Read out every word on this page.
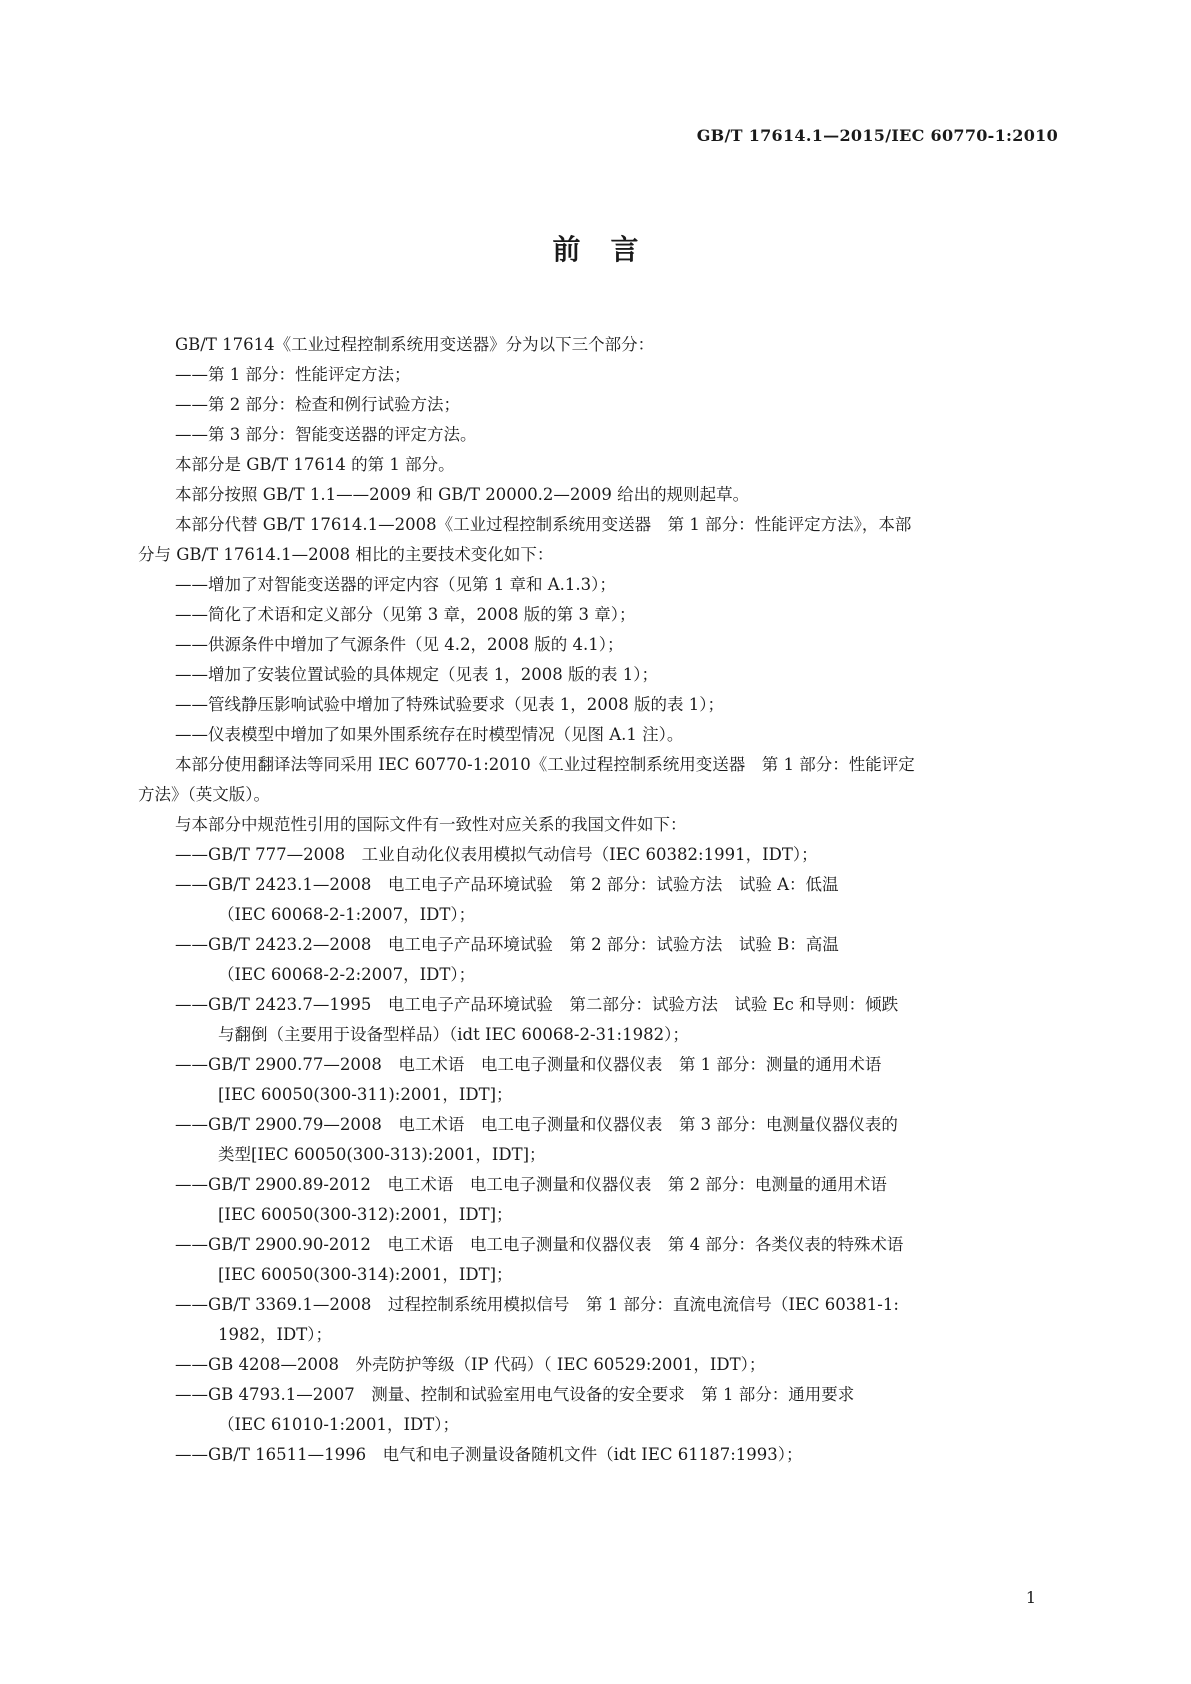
GB/T 17614.1—2015/IEC 60770-1:2010
前言

GB/T 17614《工业过程控制系统用变送器》分为以下三个部分：

——第 1 部分：性能评定方法；

——第 2 部分：检查和例行试验方法；

——第 3 部分：智能变送器的评定方法。

本部分是 GB/T 17614 的第 1 部分。

本部分按照 GB/T 1.1——2009 和 GB/T 20000.2—2009 给出的规则起草。

本部分代替 GB/T 17614.1—2008《工业过程控制系统用变送器　第 1 部分：性能评定方法》，本部

分与 GB/T 17614.1—2008 相比的主要技术变化如下：

——增加了对智能变送器的评定内容（见第 1 章和 A.1.3）；

——简化了术语和定义部分（见第 3 章，2008 版的第 3 章）；

——供源条件中增加了气源条件（见 4.2，2008 版的 4.1）；

——增加了安装位置试验的具体规定（见表 1，2008 版的表 1）；

——管线静压影响试验中增加了特殊试验要求（见表 1，2008 版的表 1）；

——仪表模型中增加了如果外围系统存在时模型情况（见图 A.1 注）。

本部分使用翻译法等同采用 IEC 60770-1:2010《工业过程控制系统用变送器　第 1 部分：性能评定

方法》（英文版）。

与本部分中规范性引用的国际文件有一致性对应关系的我国文件如下：

——GB/T 777—2008　工业自动化仪表用模拟气动信号（IEC 60382:1991，IDT）；

——GB/T 2423.1—2008　电工电子产品环境试验　第 2 部分：试验方法　试验 A：低温

（IEC 60068-2-1:2007，IDT）；

——GB/T 2423.2—2008　电工电子产品环境试验　第 2 部分：试验方法　试验 B：高温

（IEC 60068-2-2:2007，IDT）；

——GB/T 2423.7—1995　电工电子产品环境试验　第二部分：试验方法　试验 Ec 和导则：倾跌

与翻倒（主要用于设备型样品）（idt IEC 60068-2-31:1982）；

——GB/T 2900.77—2008　电工术语　电工电子测量和仪器仪表　第 1 部分：测量的通用术语

[IEC 60050(300-311):2001，IDT]；

——GB/T 2900.79—2008　电工术语　电工电子测量和仪器仪表　第 3 部分：电测量仪器仪表的

类型[IEC 60050(300-313):2001，IDT]；

——GB/T 2900.89-2012　电工术语　电工电子测量和仪器仪表　第 2 部分：电测量的通用术语

[IEC 60050(300-312):2001，IDT]；

——GB/T 2900.90-2012　电工术语　电工电子测量和仪器仪表　第 4 部分：各类仪表的特殊术语

[IEC 60050(300-314):2001，IDT]；

——GB/T 3369.1—2008　过程控制系统用模拟信号　第 1 部分：直流电流信号（IEC 60381-1:

1982，IDT）；

——GB 4208—2008　外壳防护等级（IP 代码）（ IEC 60529:2001，IDT）；

——GB 4793.1—2007　测量、控制和试验室用电气设备的安全要求　第 1 部分：通用要求

（IEC 61010-1:2001，IDT）；

——GB/T 16511—1996　电气和电子测量设备随机文件（idt IEC 61187:1993）；

1
